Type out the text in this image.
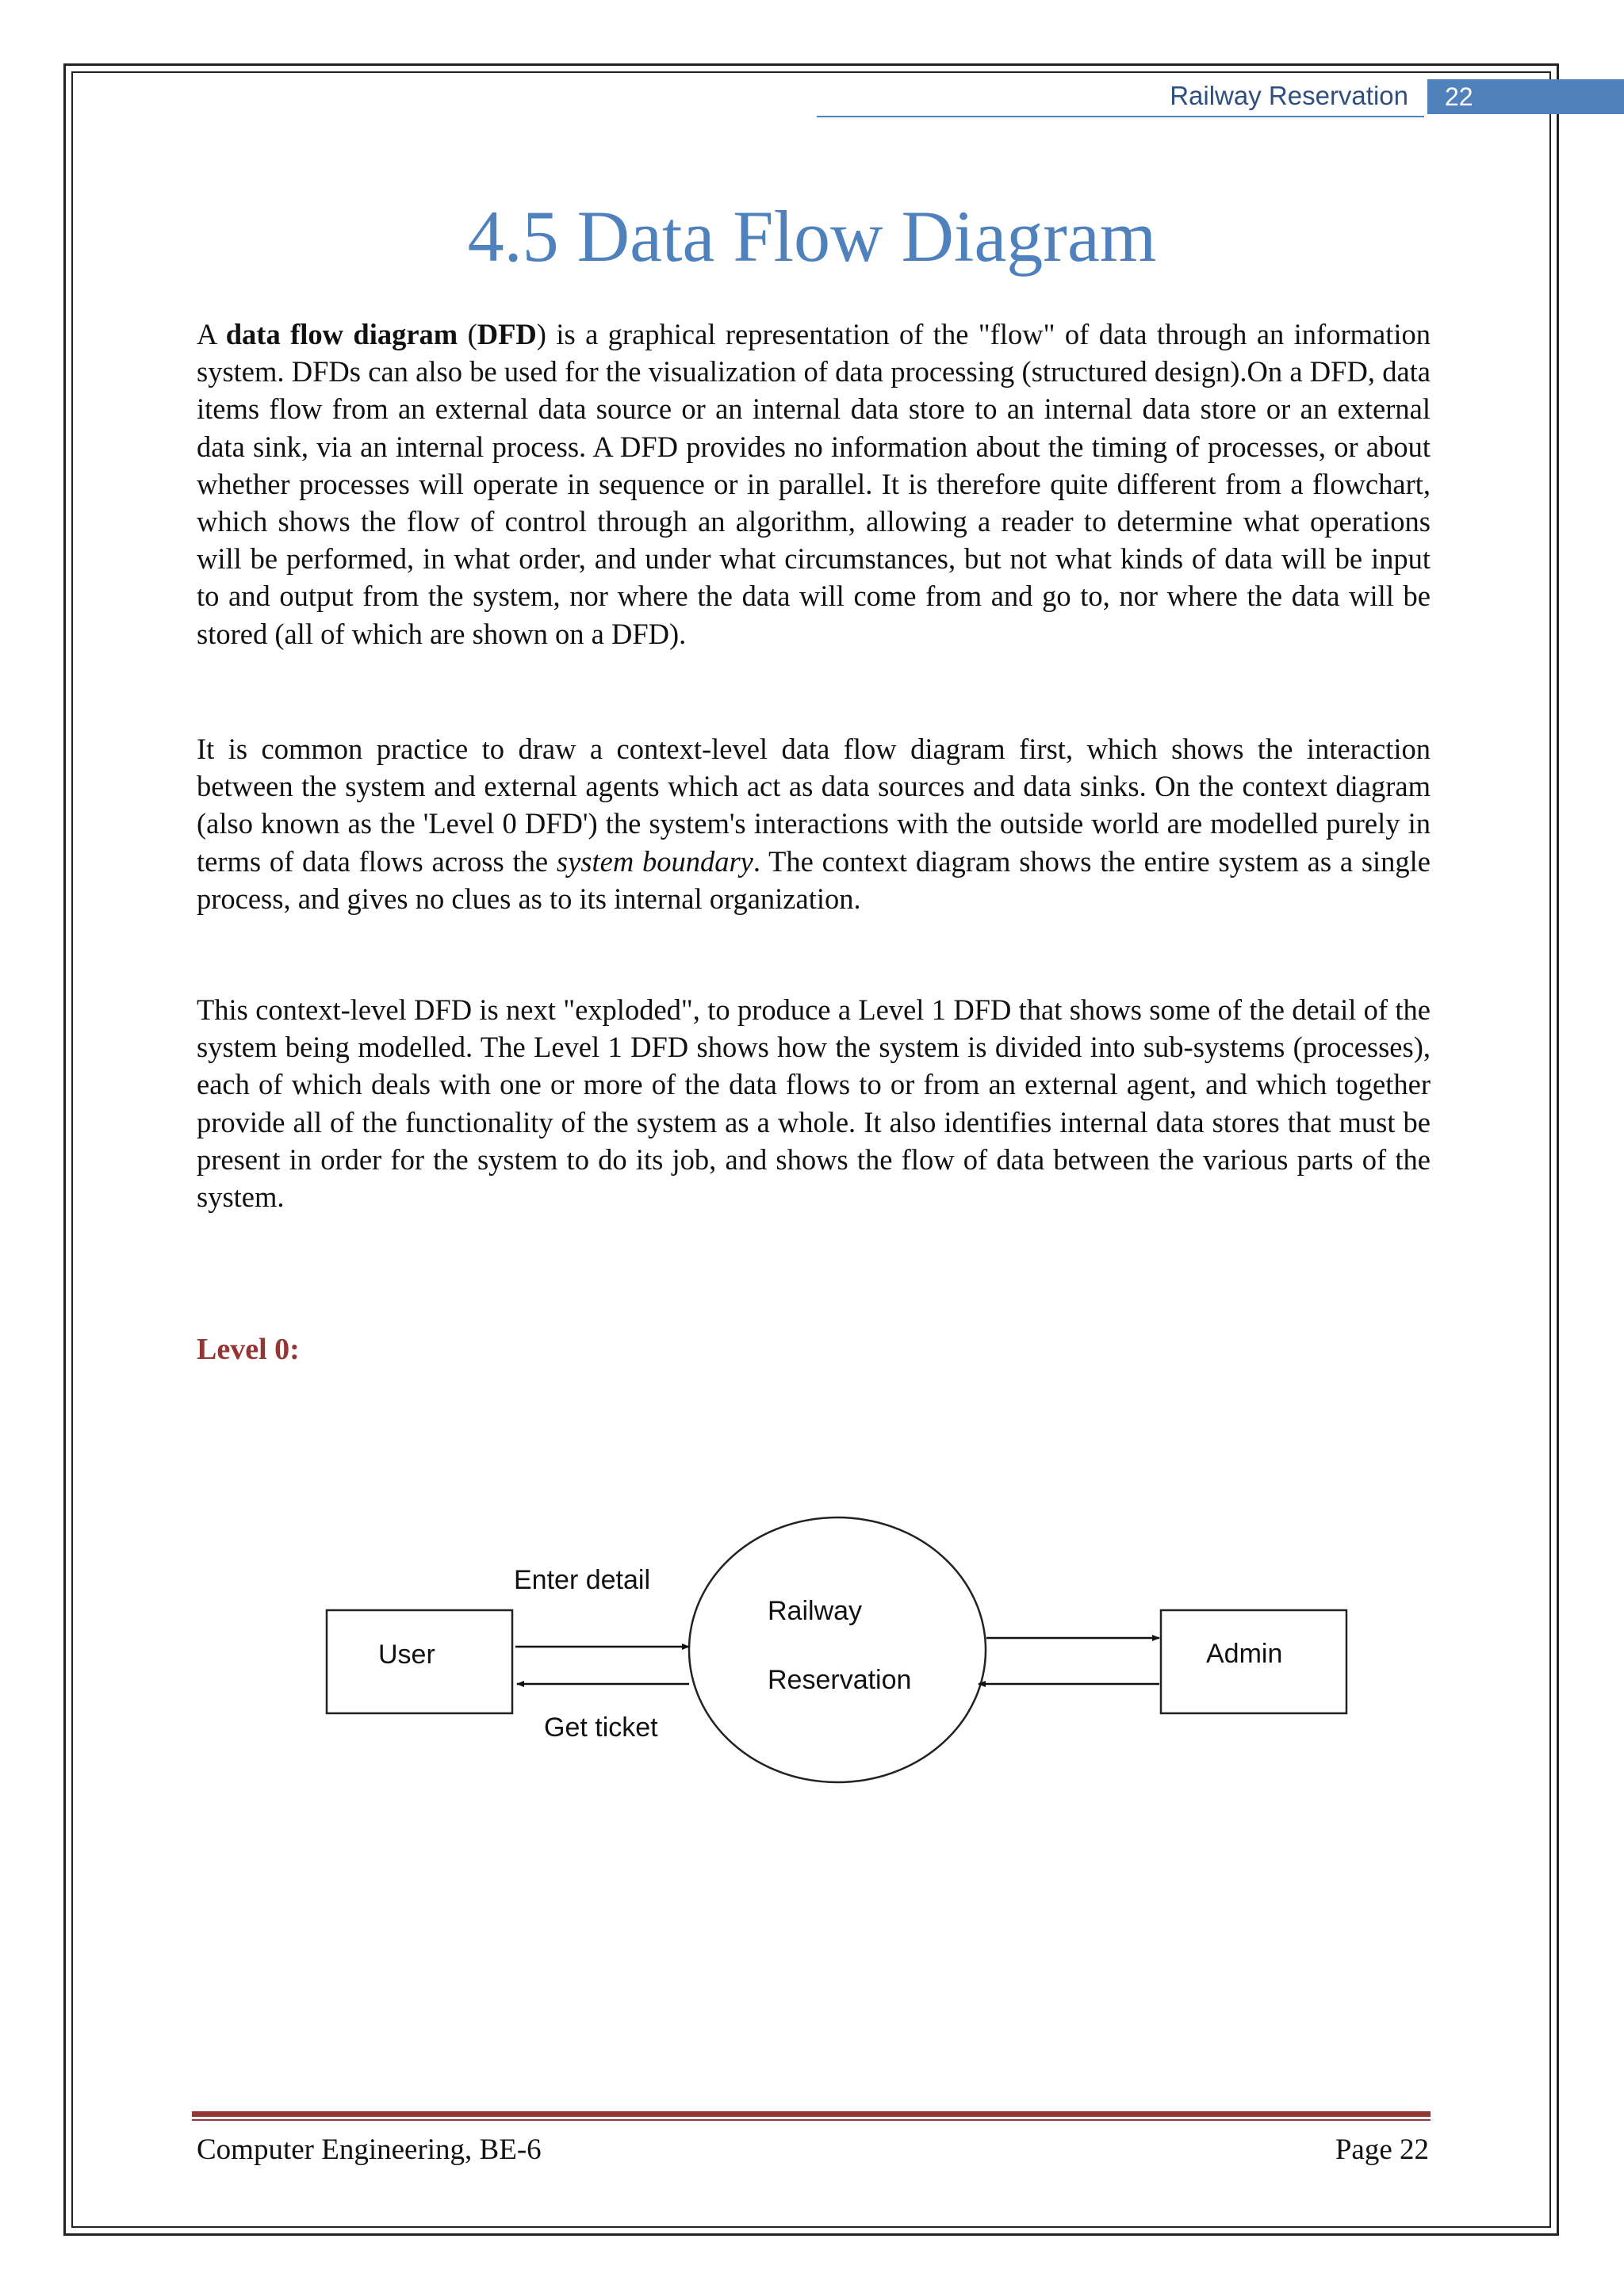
Railway Reservation	22
4.5 Data Flow Diagram

A data flow diagram (DFD) is a graphical representation of the "flow" of data through an information system. DFDs can also be used for the visualization of data processing (structured design).On a DFD, data items flow from an external data source or an internal data store to an internal data store or an external data sink, via an internal process. A DFD provides no information about the timing of processes, or about whether processes will operate in sequence or in parallel. It is therefore quite different from a flowchart, which shows the flow of control through an algorithm, allowing a reader to determine what operations will be performed, in what order, and under what circumstances, but not what kinds of data will be input to and output from the system, nor where the data will come from and go to, nor where the data will be stored (all of which are shown on a DFD).

It is common practice to draw a context-level data flow diagram first, which shows the interaction between the system and external agents which act as data sources and data sinks. On the context diagram (also known as the 'Level 0 DFD') the system's interactions with the outside world are modelled purely in terms of data flows across the system boundary. The context diagram shows the entire system as a single process, and gives no clues as to its internal organization.

This context-level DFD is next "exploded", to produce a Level 1 DFD that shows some of the detail of the system being modelled. The Level 1 DFD shows how the system is divided into sub-systems (processes), each of which deals with one or more of the data flows to or from an external agent, and which together provide all of the functionality of the system as a whole. It also identifies internal data stores that must be present in order for the system to do its job, and shows the flow of data between the various parts of the system.

Level 0:
User
Railway
Reservation
Admin
Enter detail
Get ticket
Computer Engineering, BE-6	Page 22
